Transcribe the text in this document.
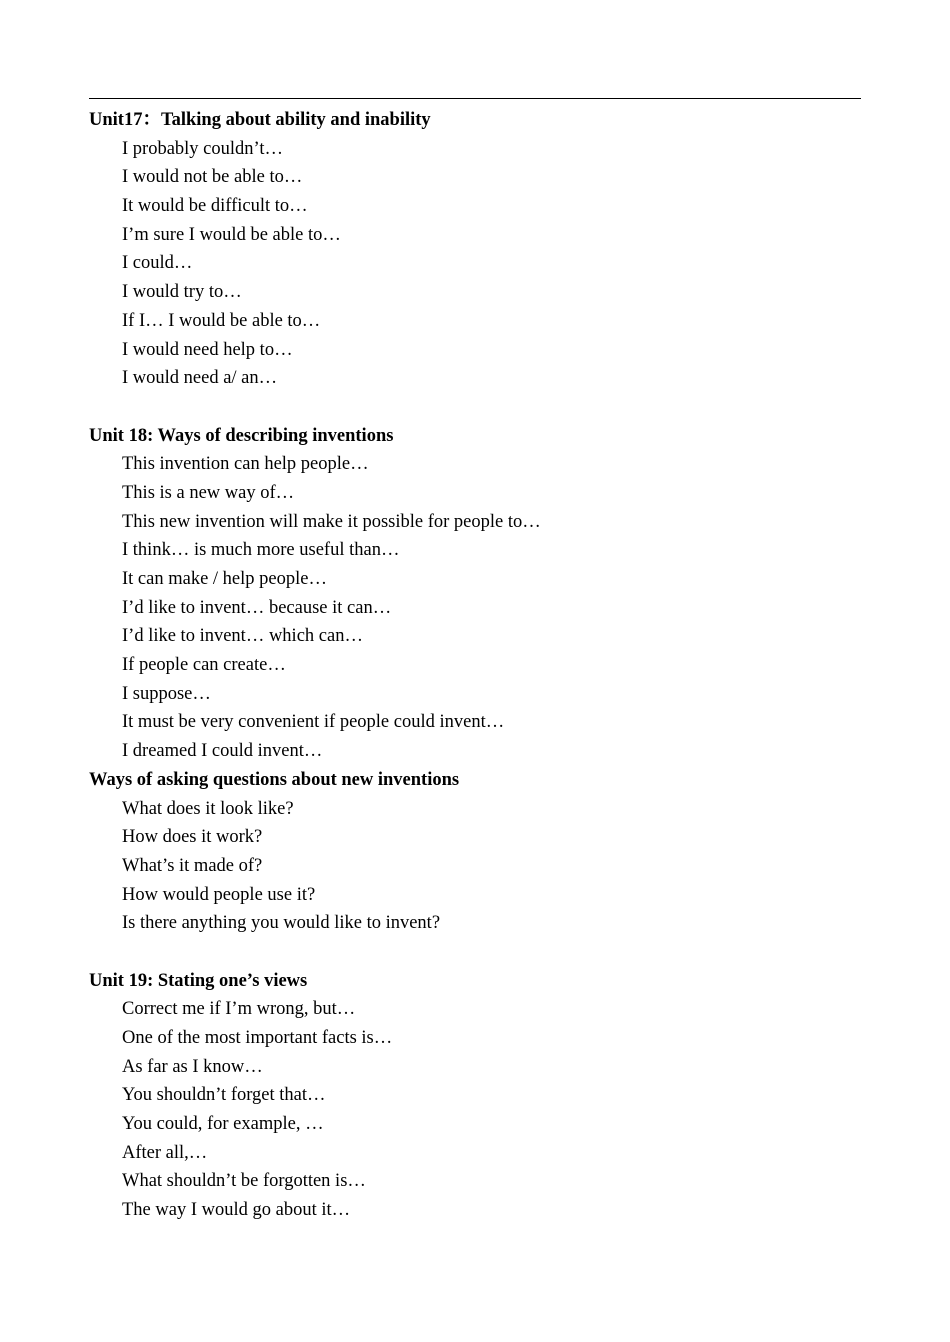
Unit17：Talking about ability and inability
I probably couldn’t…
I would not be able to…
It would be difficult to…
I’m sure I would be able to…
I could…
I would try to…
If I… I would be able to…
I would need help to…
I would need a/ an…
Unit 18: Ways of describing inventions
This invention can help people…
This is a new way of…
This new invention will make it possible for people to…
I think… is much more useful than…
It can make / help people…
I’d like to invent… because it can…
I’d like to invent… which can…
If people can create…
I suppose…
It must be very convenient if people could invent…
I dreamed I could invent…
Ways of asking questions about new inventions
What does it look like?
How does it work?
What’s it made of?
How would people use it?
Is there anything you would like to invent?
Unit 19: Stating one’s views
Correct me if I’m wrong, but…
One of the most important facts is…
As far as I know…
You shouldn’t forget that…
You could, for example, …
After all,…
What shouldn’t be forgotten is…
The way I would go about it…
